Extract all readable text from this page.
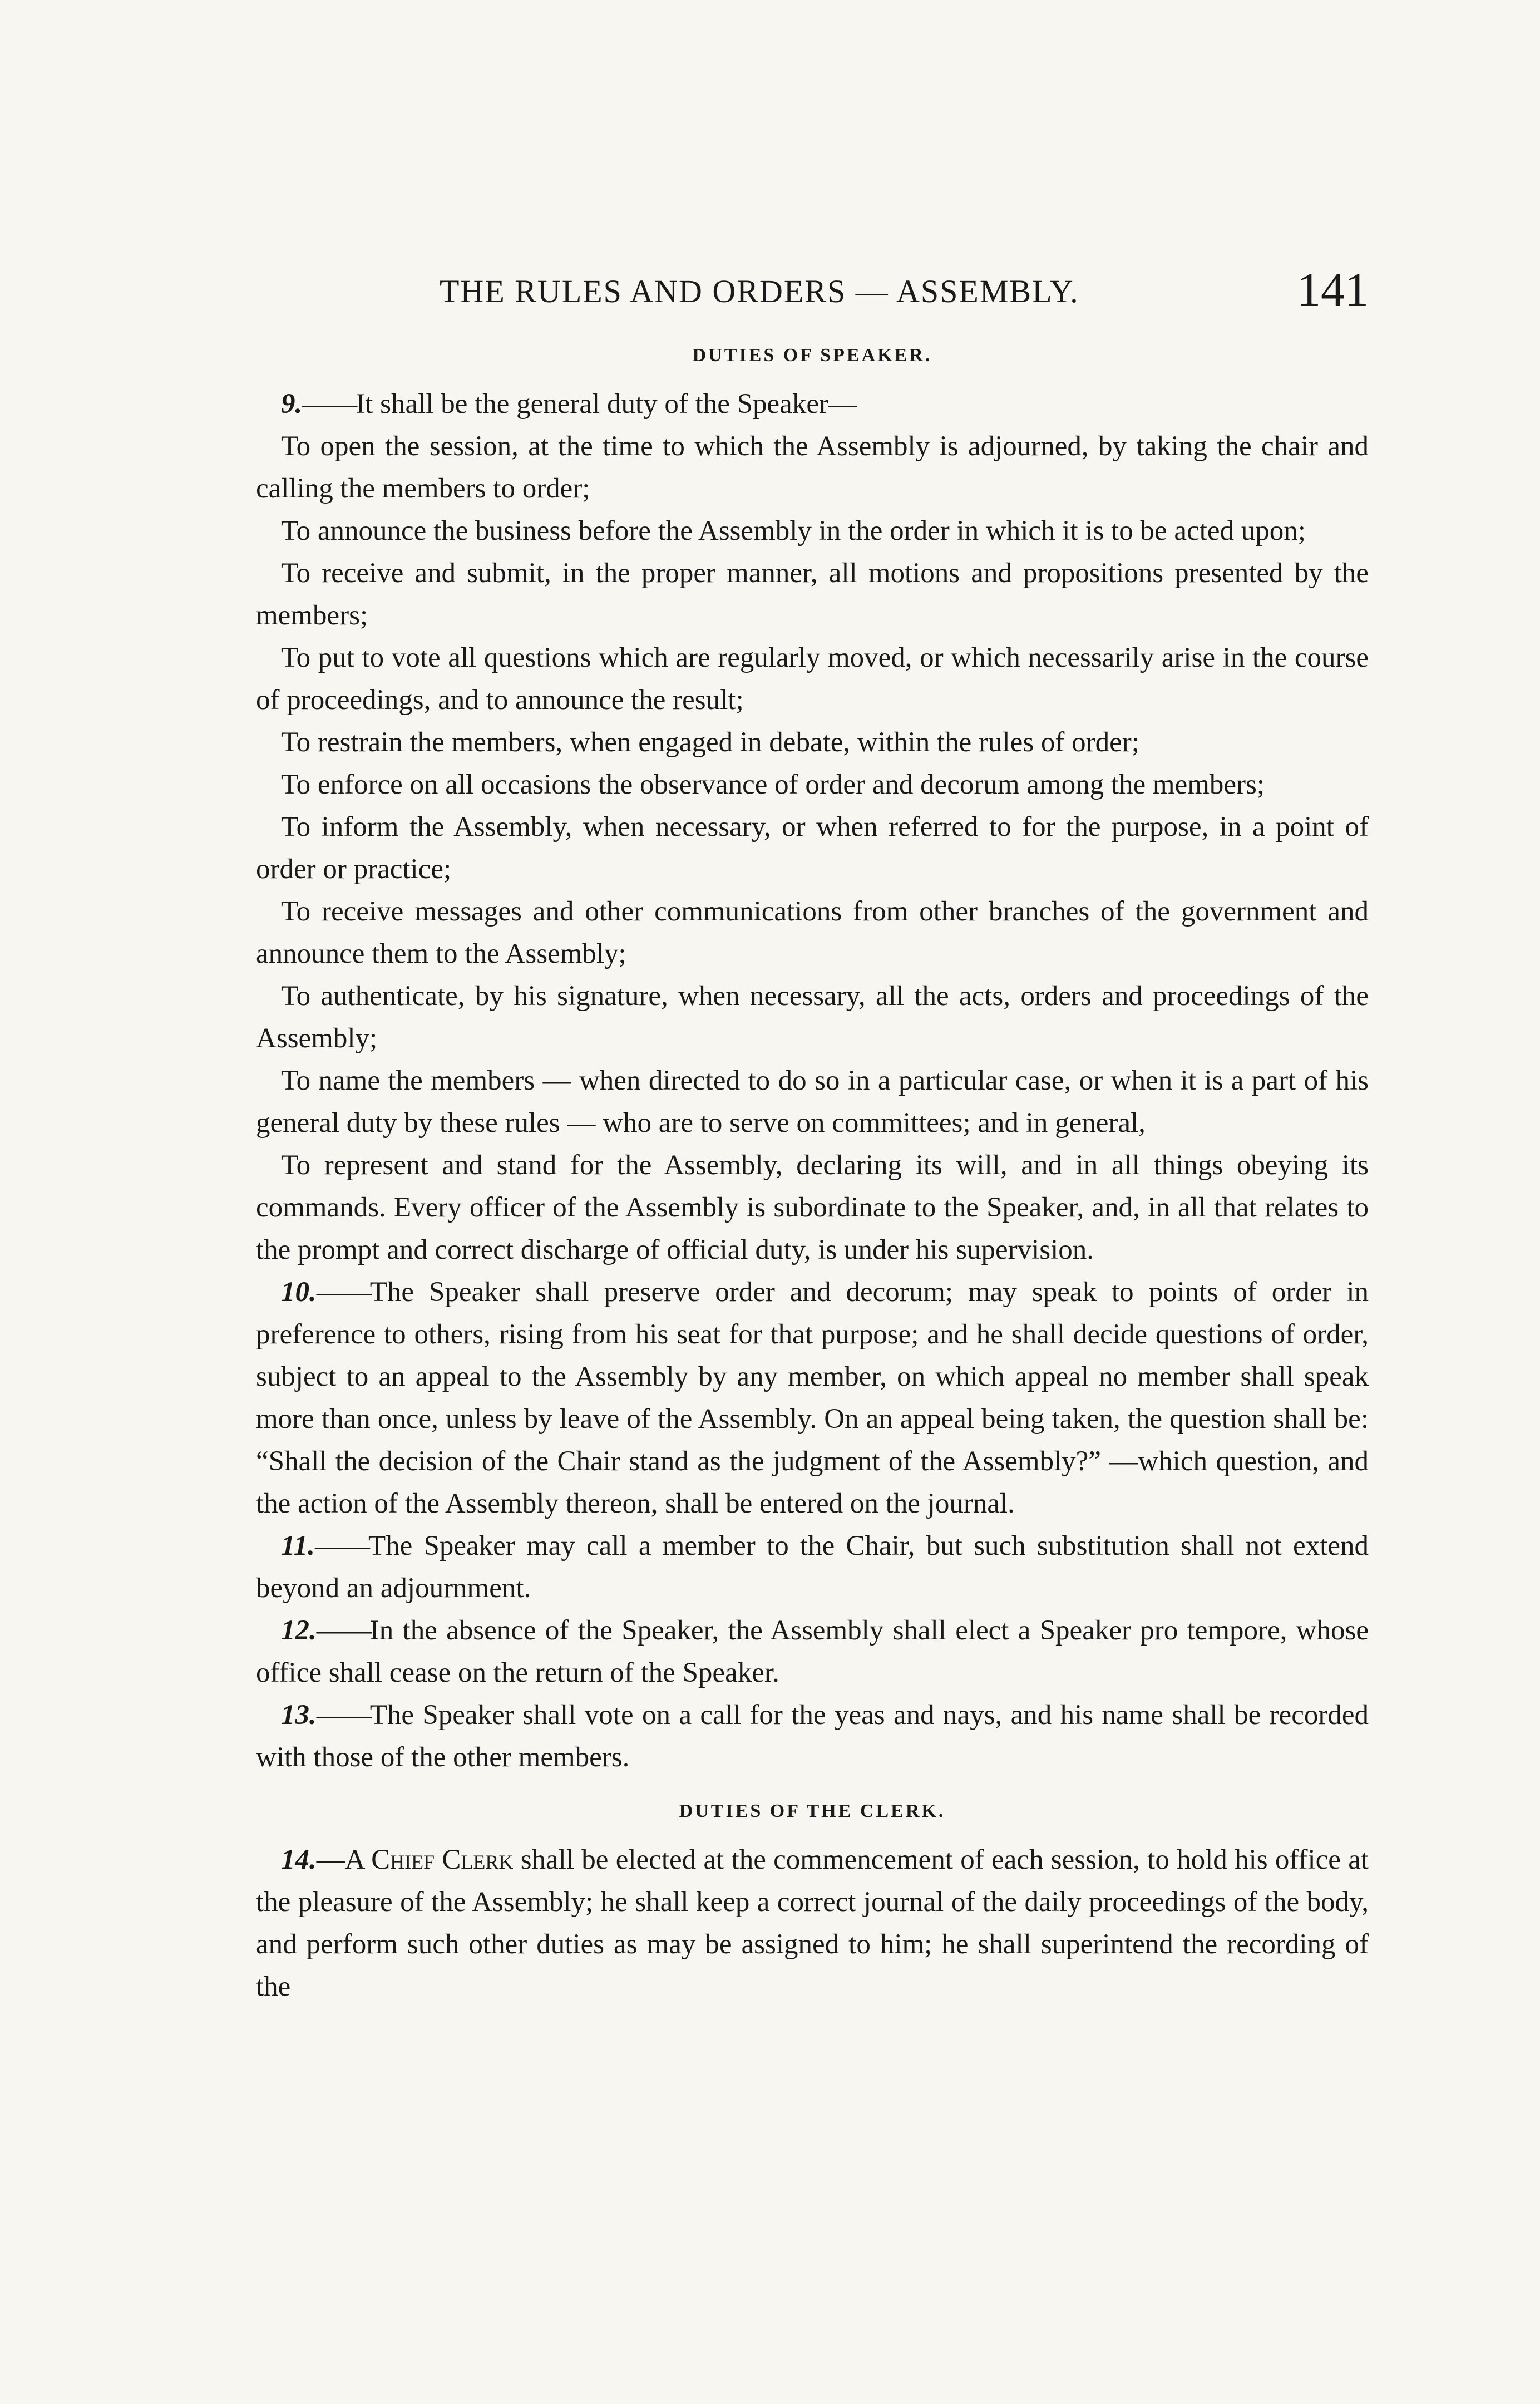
THE RULES AND ORDERS — ASSEMBLY.	141
DUTIES OF SPEAKER.

9.——It shall be the general duty of the Speaker—

To open the session, at the time to which the Assembly is adjourned, by taking the chair and calling the members to order;

To announce the business before the Assembly in the order in which it is to be acted upon;

To receive and submit, in the proper manner, all motions and propositions presented by the members;

To put to vote all questions which are regularly moved, or which necessarily arise in the course of proceedings, and to announce the result;

To restrain the members, when engaged in debate, within the rules of order;

To enforce on all occasions the observance of order and decorum among the members;

To inform the Assembly, when necessary, or when referred to for the purpose, in a point of order or practice;

To receive messages and other communications from other branches of the government and announce them to the Assembly;

To authenticate, by his signature, when necessary, all the acts, orders and proceedings of the Assembly;

To name the members — when directed to do so in a particular case, or when it is a part of his general duty by these rules — who are to serve on committees; and in general,

To represent and stand for the Assembly, declaring its will, and in all things obeying its commands. Every officer of the Assembly is subordinate to the Speaker, and, in all that relates to the prompt and correct discharge of official duty, is under his supervision.

10.——The Speaker shall preserve order and decorum; may speak to points of order in preference to others, rising from his seat for that purpose; and he shall decide questions of order, subject to an appeal to the Assembly by any member, on which appeal no member shall speak more than once, unless by leave of the Assembly. On an appeal being taken, the question shall be: “Shall the decision of the Chair stand as the judgment of the Assembly?” —which question, and the action of the Assembly thereon, shall be entered on the journal.

11.——The Speaker may call a member to the Chair, but such substitution shall not extend beyond an adjournment.

12.——In the absence of the Speaker, the Assembly shall elect a Speaker pro tempore, whose office shall cease on the return of the Speaker.

13.——The Speaker shall vote on a call for the yeas and nays, and his name shall be recorded with those of the other members.

DUTIES OF THE CLERK.

14.—A Chief Clerk shall be elected at the commencement of each session, to hold his office at the pleasure of the Assembly; he shall keep a correct journal of the daily proceedings of the body, and perform such other duties as may be assigned to him; he shall superintend the recording of the
